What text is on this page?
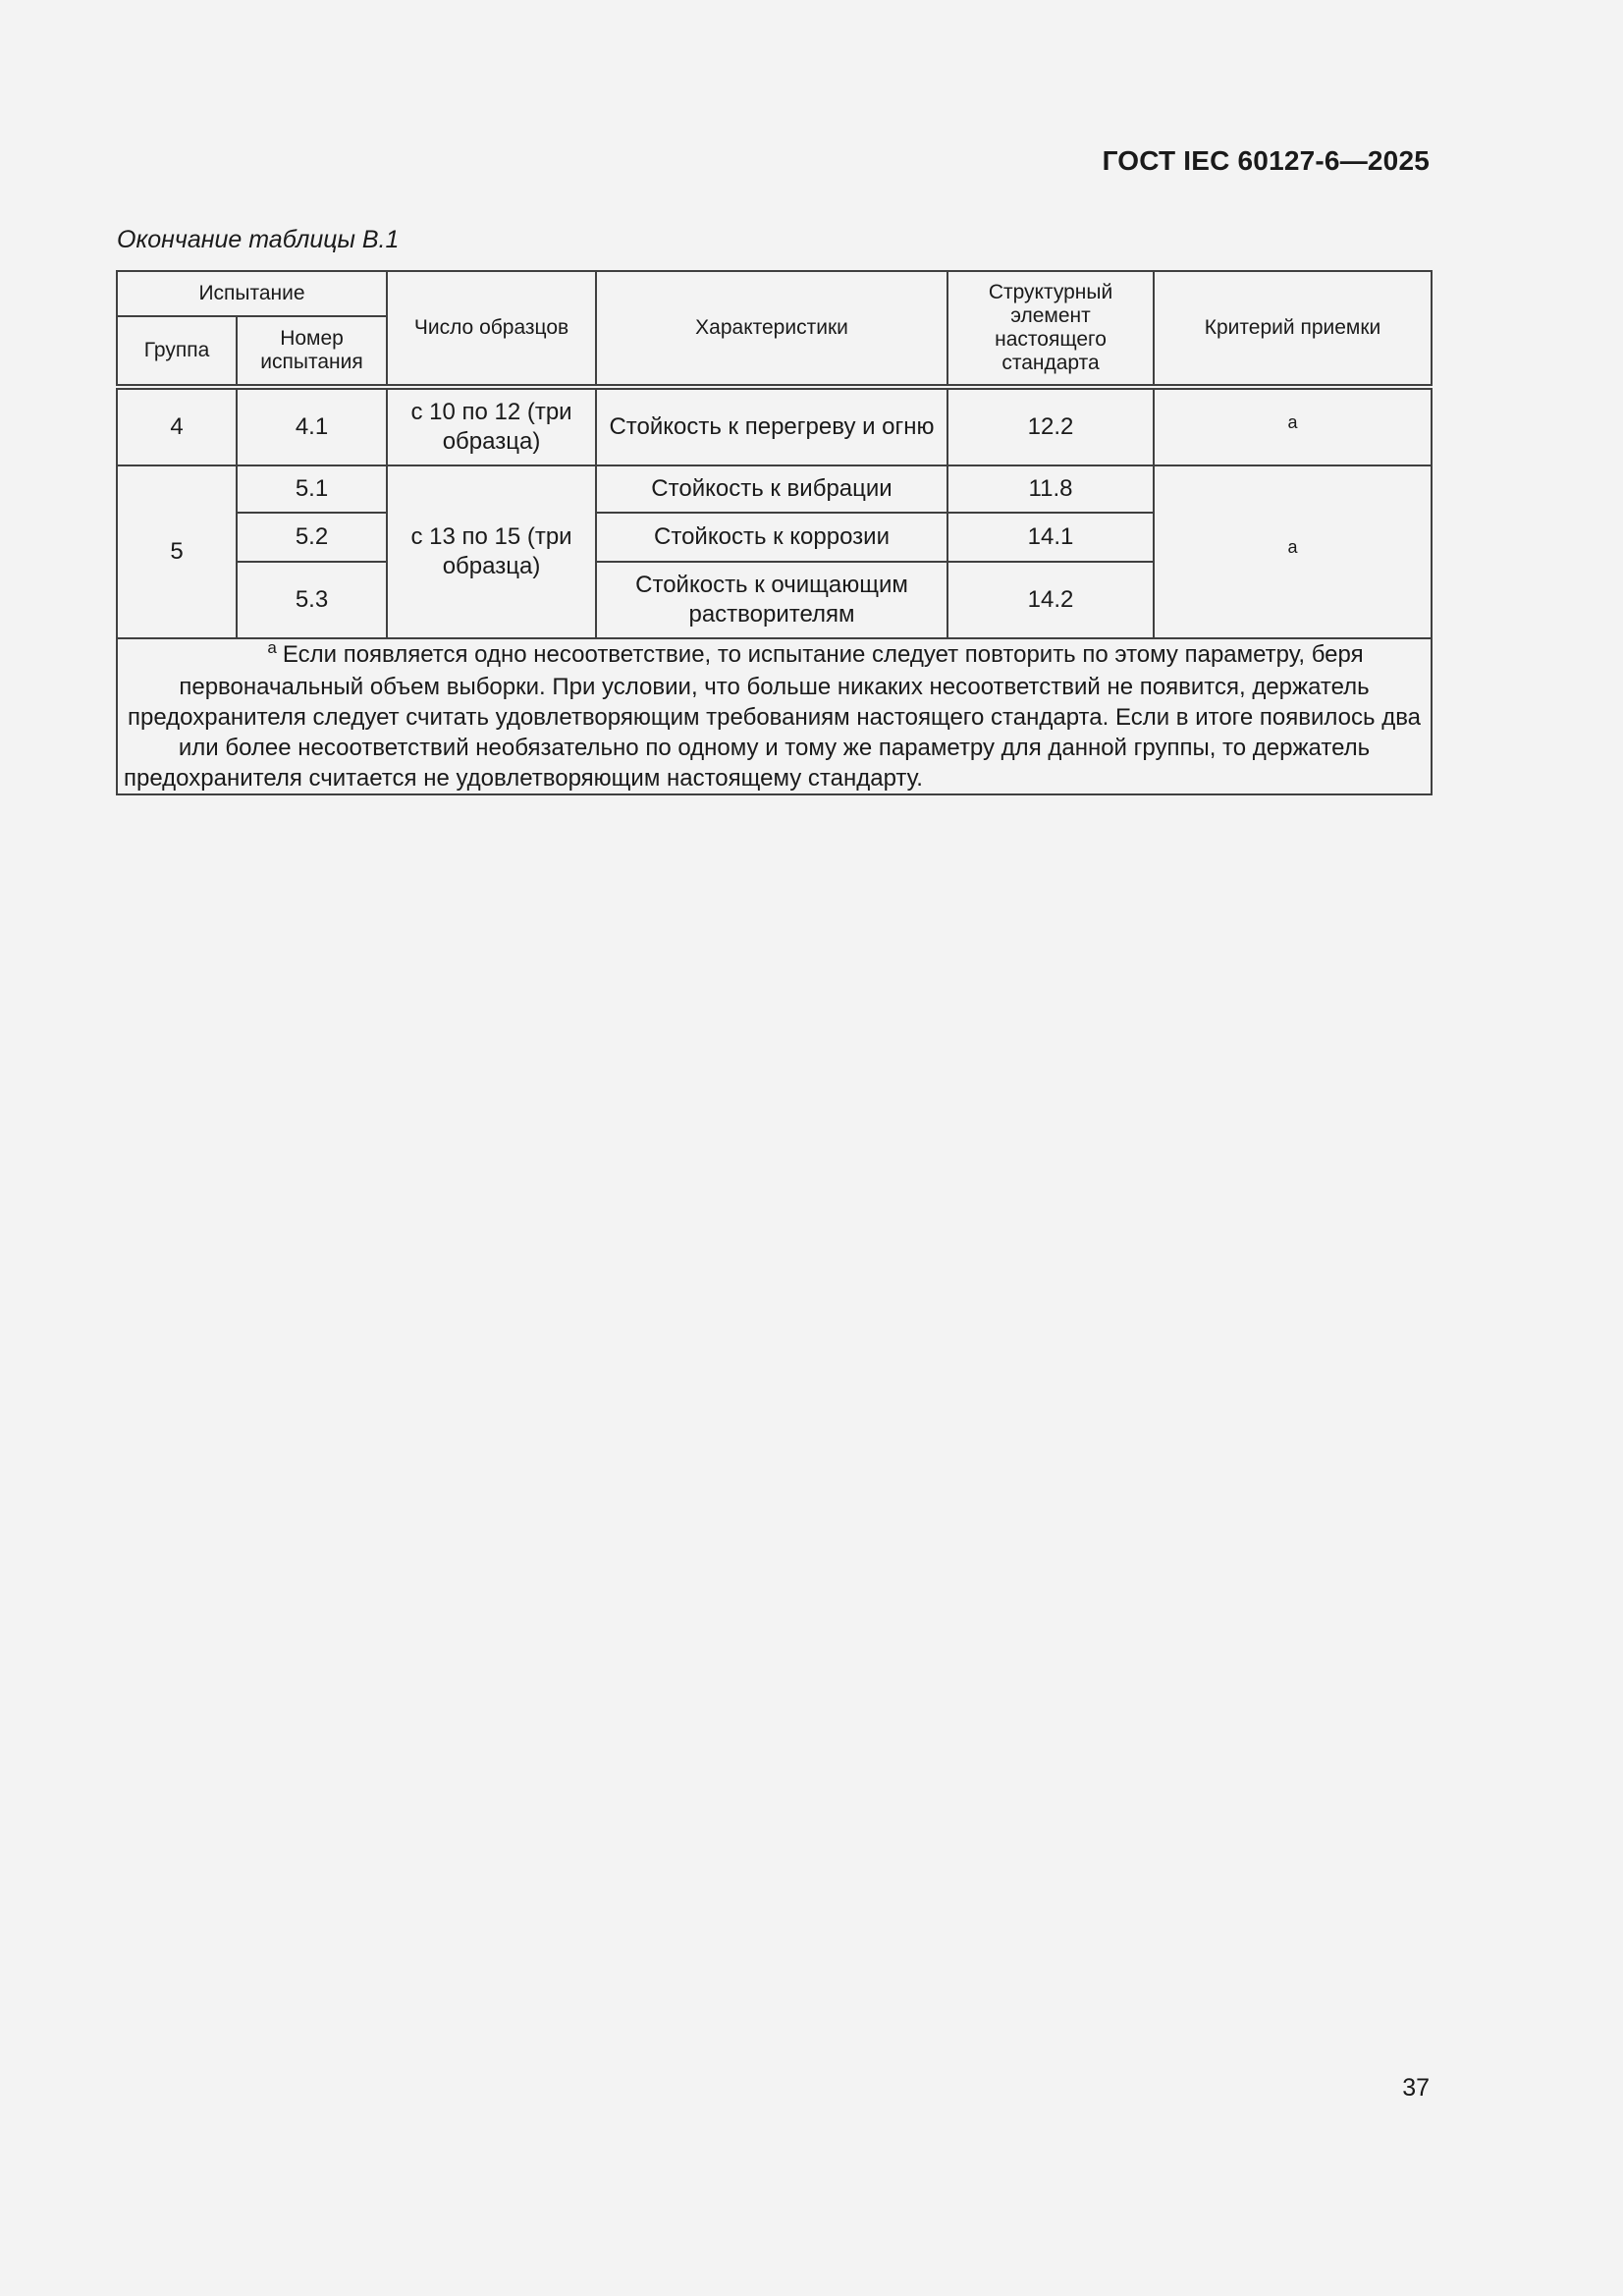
ГОСТ IEC 60127-6—2025
Окончание таблицы В.1
Испытание		Число образцов	Характеристики	Структурный элемент настоящего стандарта	Критерий приемки
Группа	Номер испытания				
4	4.1	с 10 по 12 (три образца)	Стойкость к перегреву и огню	12.2	$^a$
5	5.1	с 13 по 15 (три образца)	Стойкость к вибрации	11.8	$^a$
	5.2		Стойкость к коррозии	14.1	
	5.3		Стойкость к очищающим растворителям	14.2	
$^a$ Если появляется одно несоответствие, то испытание следует повторить по этому параметру, беря первоначальный объем выборки. При условии, что больше никаких несоответствий не появится, держатель предохранителя следует считать удовлетворяющим требованиям настоящего стандарта. Если в итоге появилось два или более несоответствий необязательно по одному и тому же параметру для данной группы, то держатель предохранителя считается не удовлетворяющим настоящему стандарту.					
37
